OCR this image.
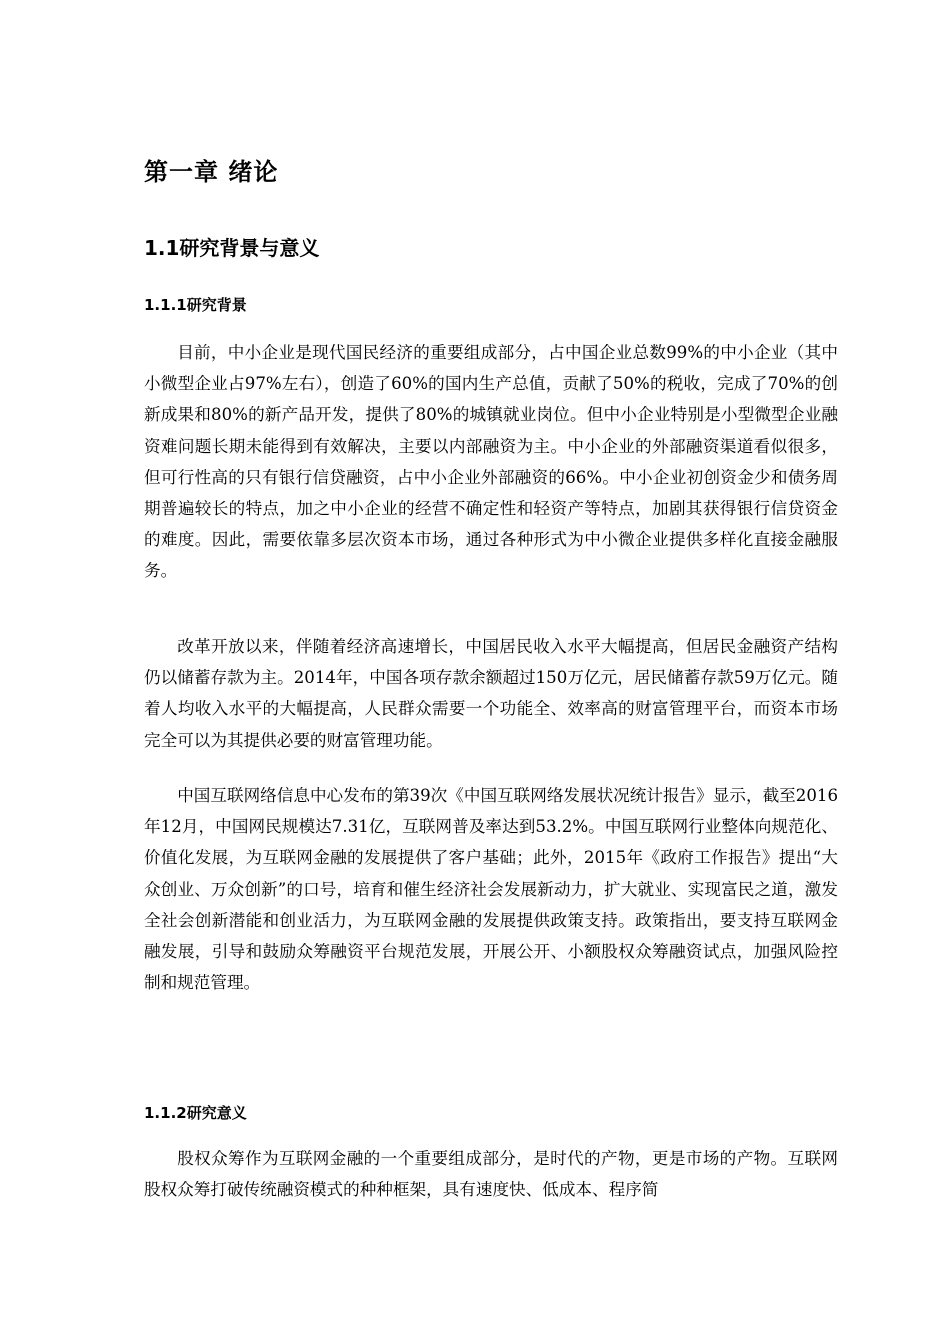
第一章 绪论
1.1研究背景与意义
1.1.1研究背景

目前，中小企业是现代国民经济的重要组成部分，占中国企业总数99%的中小企业（其中小微型企业占97%左右），创造了60%的国内生产总值，贡献了50%的税收，完成了70%的创新成果和80%的新产品开发，提供了80%的城镇就业岗位。但中小企业特别是小型微型企业融资难问题长期未能得到有效解决，主要以内部融资为主。中小企业的外部融资渠道看似很多，但可行性高的只有银行信贷融资，占中小企业外部融资的66%。中小企业初创资金少和债务周期普遍较长的特点，加之中小企业的经营不确定性和轻资产等特点，加剧其获得银行信贷资金的难度。因此，需要依靠多层次资本市场，通过各种形式为中小微企业提供多样化直接金融服务。

改革开放以来，伴随着经济高速增长，中国居民收入水平大幅提高，但居民金融资产结构仍以储蓄存款为主。2014年，中国各项存款余额超过150万亿元，居民储蓄存款59万亿元。随着人均收入水平的大幅提高，人民群众需要一个功能全、效率高的财富管理平台，而资本市场完全可以为其提供必要的财富管理功能。

中国互联网络信息中心发布的第39次《中国互联网络发展状况统计报告》显示，截至2016年12月，中国网民规模达7.31亿，互联网普及率达到53.2%。中国互联网行业整体向规范化、价值化发展，为互联网金融的发展提供了客户基础；此外，2015年《政府工作报告》提出“大众创业、万众创新”的口号，培育和催生经济社会发展新动力，扩大就业、实现富民之道，激发全社会创新潜能和创业活力，为互联网金融的发展提供政策支持。政策指出，要支持互联网金融发展，引导和鼓励众筹融资平台规范发展，开展公开、小额股权众筹融资试点，加强风险控制和规范管理。

1.1.2研究意义

股权众筹作为互联网金融的一个重要组成部分，是时代的产物，更是市场的产物。互联网股权众筹打破传统融资模式的种种框架，具有速度快、低成本、程序简
